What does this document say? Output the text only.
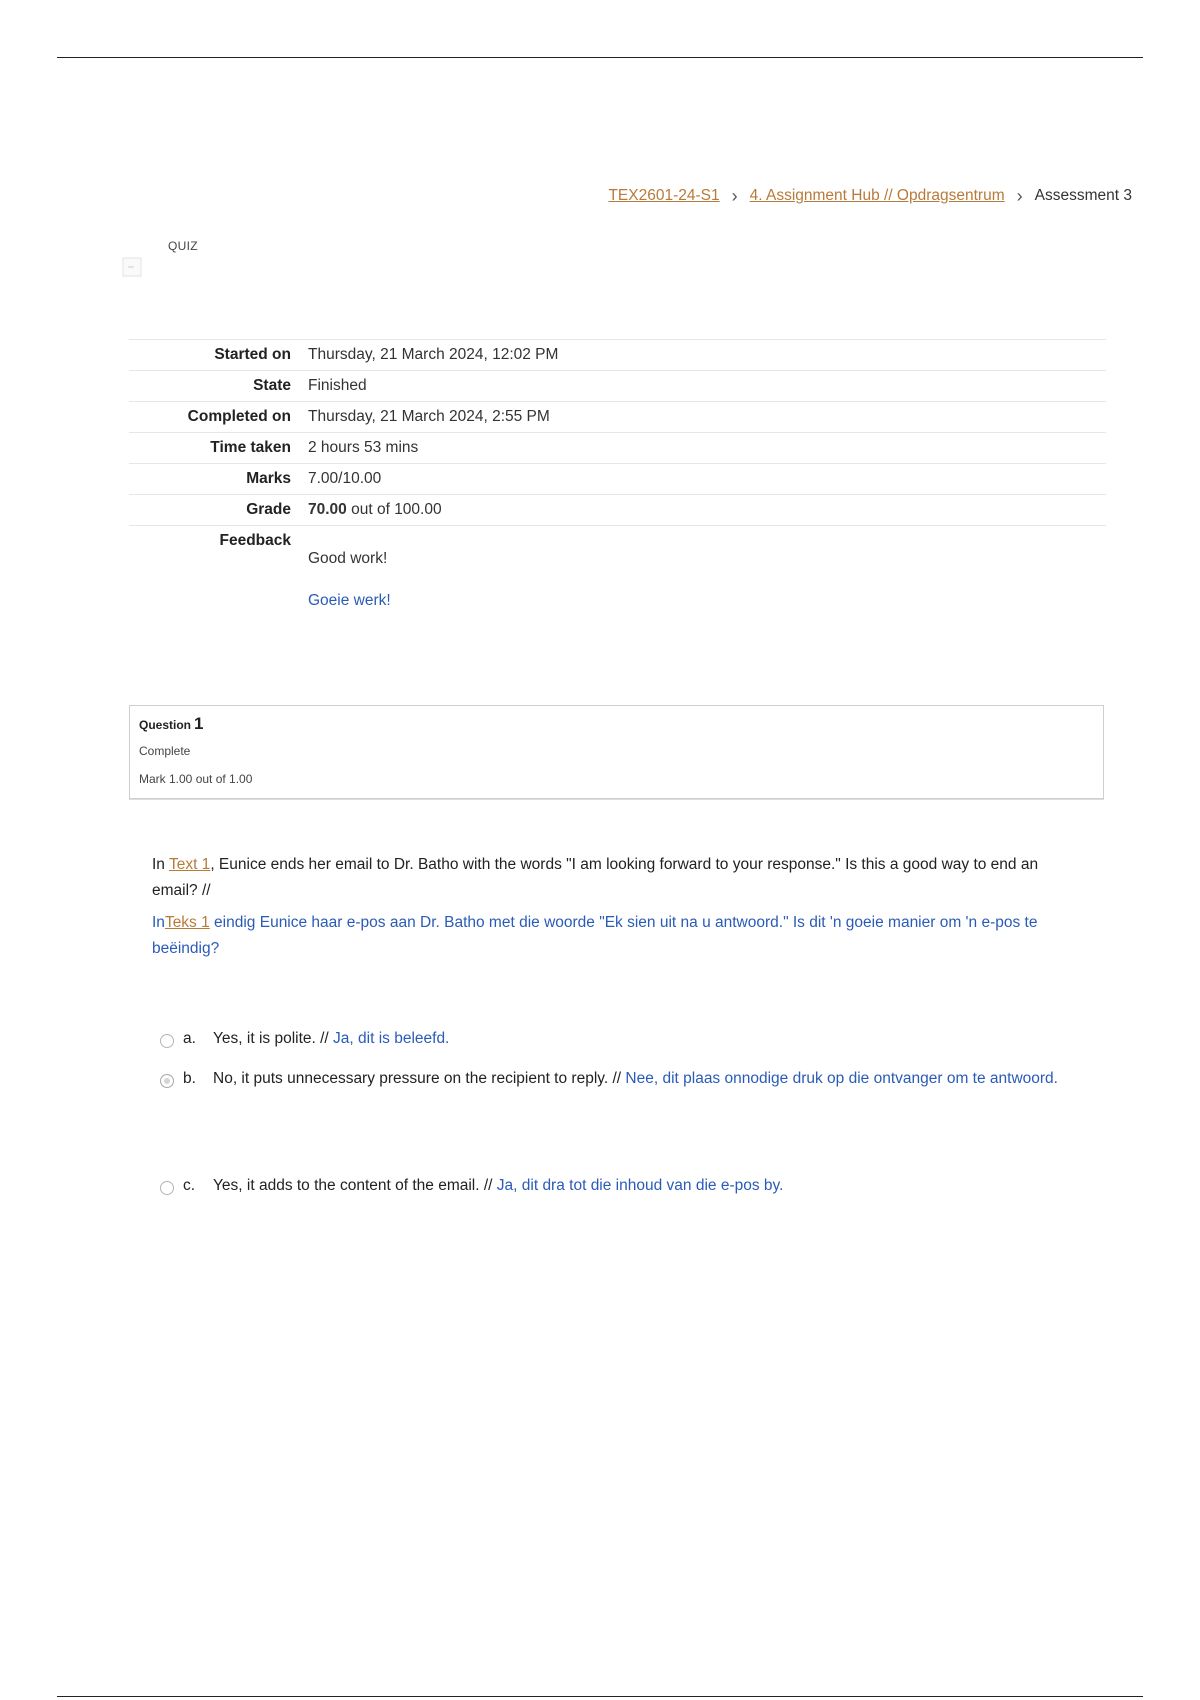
TEX2601-24-S1 › 4. Assignment Hub // Opdragsentrum › Assessment 3
QUIZ
Started on	Thursday, 21 March 2024, 12:02 PM
State	Finished
Completed on	Thursday, 21 March 2024, 2:55 PM
Time taken	2 hours 53 mins
Marks	7.00/10.00
Grade	70.00 out of 100.00
Feedback	Good work!
Goeie werk!
Question 1
Complete
Mark 1.00 out of 1.00
In Text 1, Eunice ends her email to Dr. Batho with the words "I am looking forward to your response." Is this a good way to end an email? //
InTeks 1 eindig Eunice haar e-pos aan Dr. Batho met die woorde "Ek sien uit na u antwoord." Is dit 'n goeie manier om 'n e-pos te beëindig?
a.	Yes, it is polite. // Ja, dit is beleefd.
b.	No, it puts unnecessary pressure on the recipient to reply. // Nee, dit plaas onnodige druk op die ontvanger om te antwoord.
c.	Yes, it adds to the content of the email. // Ja, dit dra tot die inhoud van die e-pos by.
